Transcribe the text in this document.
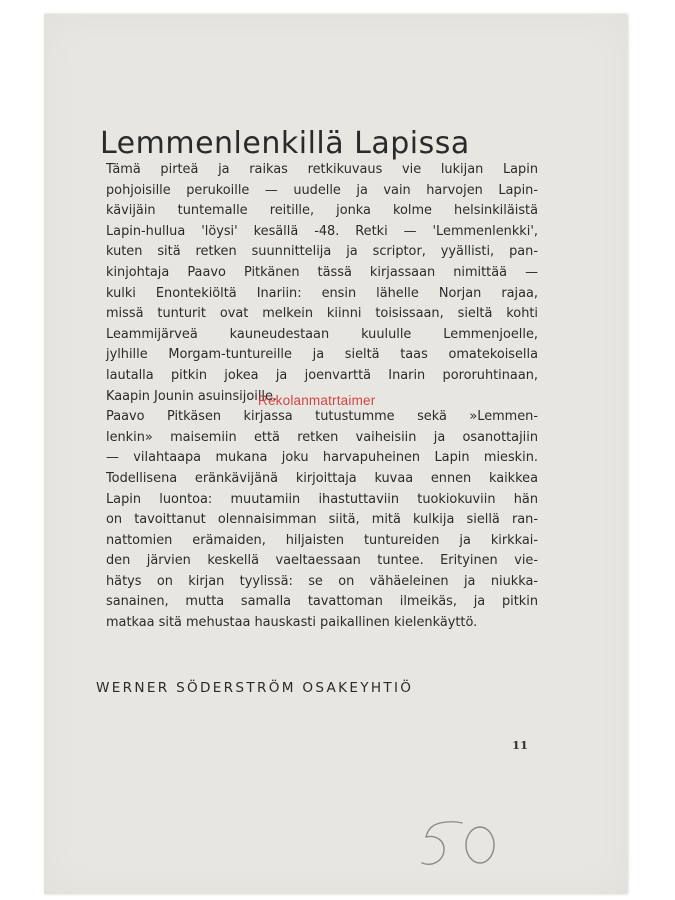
Lemmenlenkillä Lapissa

Tämä pirteä ja raikas retkikuvaus vie lukijan Lapin
pohjoisille perukoille — uudelle ja vain harvojen Lapin-
kävijäin tuntemalle reitille, jonka kolme helsinkiläistä
Lapin-hullua 'löysi' kesällä -48. Retki — 'Lemmenlenkki',
kuten sitä retken suunnittelija ja scriptor, yyällisti, pan-
kinjohtaja Paavo Pitkänen tässä kirjassaan nimittää —
kulki Enontekiöltä Inariin: ensin lähelle Norjan rajaa,
missä tunturit ovat melkein kiinni toisissaan, sieltä kohti
Leammijärveä kauneudestaan kuululle Lemmenjoelle,
jylhille Morgam-tuntureille ja sieltä taas omatekoisella
lautalla pitkin jokea ja joenvarttä Inarin pororuhtinaan,
Kaapin Jounin asuinsijoille.

Paavo Pitkäsen kirjassa tutustumme sekä »Lemmen-
lenkin» maisemiin että retken vaiheisiin ja osanottajiin
— vilahtaapa mukana joku harvapuheinen Lapin mieskin.
Todellisena eränkävijänä kirjoittaja kuvaa ennen kaikkea
Lapin luontoa: muutamiin ihastuttaviin tuokiokuviin hän
on tavoittanut olennaisimman siitä, mitä kulkija siellä ran-
nattomien erämaiden, hiljaisten tuntureiden ja kirkkai-
den järvien keskellä vaeltaessaan tuntee. Erityinen vie-
hätys on kirjan tyylissä: se on vähäeleinen ja niukka-
sanainen, mutta samalla tavattoman ilmeikäs, ja pitkin
matkaa sitä mehustaa hauskasti paikallinen kielenkäyttö.

WERNER SÖDERSTRÖM OSAKEYHTIÖ
11
Rekolanmatrtaimer
